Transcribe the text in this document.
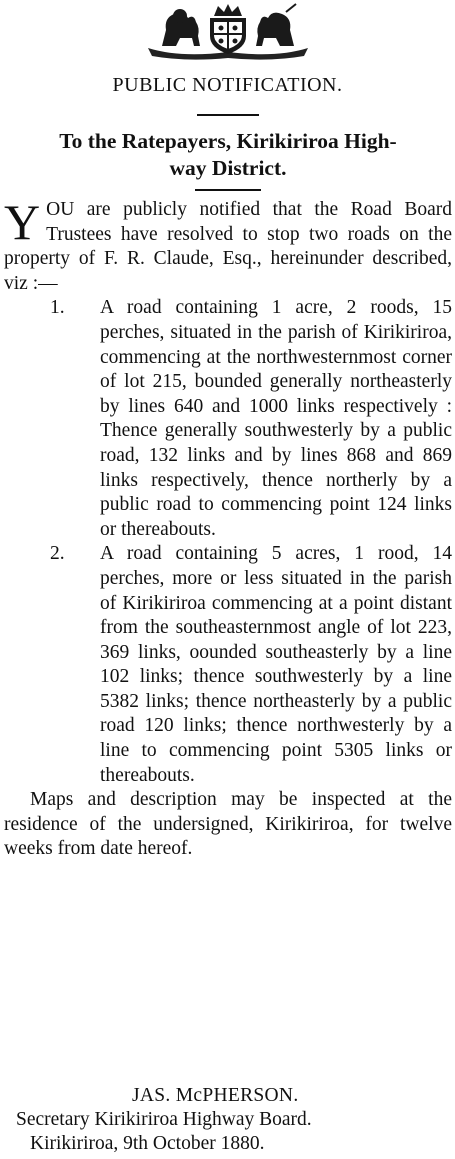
PUBLIC NOTIFICATION.
To the Ratepayers, Kirikiriroa High-
way District.

YOU are publicly notified that the Road Board Trustees have resolved to stop two roads on the property of F. R. Claude, Esq., hereinunder described, viz :—

1. A road containing 1 acre, 2 roods, 15 perches, situated in the parish of Kirikiriroa, commencing at the northwesternmost corner of lot 215, bounded generally northeasterly by lines 640 and 1000 links respectively : Thence generally southwesterly by a public road, 132 links and by lines 868 and 869 links respectively, thence northerly by a public road to commencing point 124 links or thereabouts.
2. A road containing 5 acres, 1 rood, 14 perches, more or less situated in the parish of Kirikiriroa commencing at a point distant from the southeasternmost angle of lot 223, 369 links, oounded southeasterly by a line 102 links; thence southwesterly by a line 5382 links; thence northeasterly by a public road 120 links; thence northwesterly by a line to commencing point 5305 links or thereabouts.

Maps and description may be inspected at the residence of the undersigned, Kirikiriroa, for twelve weeks from date hereof.

JAS. McPHERSON.
Secretary Kirikiriroa Highway Board.
Kirikiriroa, 9th October 1880.
